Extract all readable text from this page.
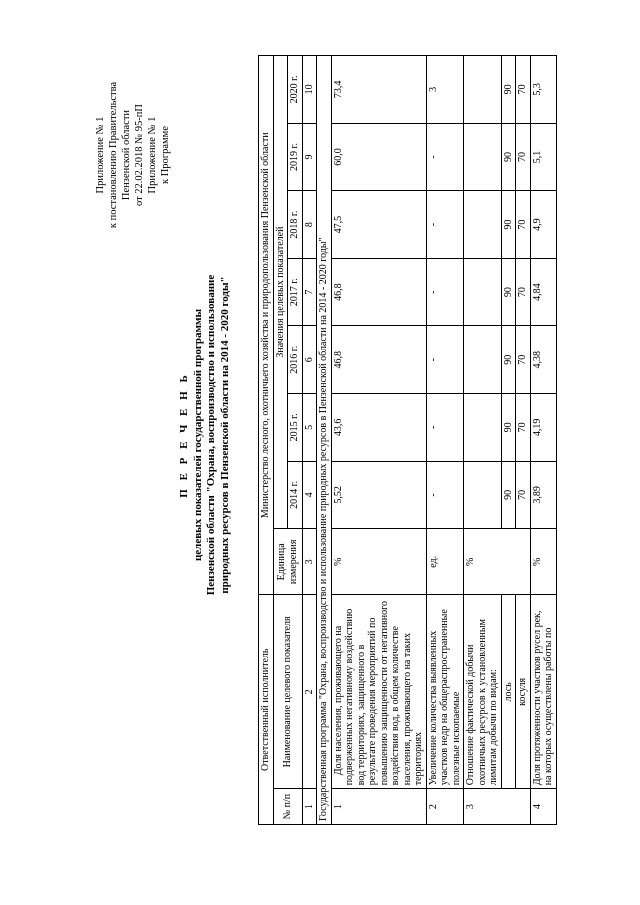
Приложение № 1 к постановлению Правительства Пензенской области от 22.02.2018 № 95-пП Приложение № 1 к Программе
П Е Р Е Ч Е Н Ь целевых показателей государственной программы Пензенской области "Охрана, воспроизводство и использование природных ресурсов в Пензенской области на 2014 - 2020 годы"
Ответственный исполнитель		Министерство лесного, охотничьего хозяйства и природопользования Пензенской области							
№ п/п	Наименование целевого показателя	Единица измерения	Значения целевых показателей						
			2014 г.	2015 г.	2016 г.	2017 г.	2018 г.	2019 г.	2020 г.
1	2	3	4	5	6	7	8	9	10
Государственная программа "Охрана, воспроизводство и использование природных ресурсов в Пензенской области на 2014 - 2020 годы"									
1	Доля населения, проживающего на подверженных негативному воздействию вод территориях, защищенного в результате проведения мероприятий по повышению защищенности от негативного воздействия вод, в общем количестве населения, проживающего на таких территориях	%	5,52	43,6	46,8	46,8	47,5	60,0	73,4
2	Увеличение количества выявленных участков недр на общераспространенные полезные ископаемые	ед.	-	-	-	-	-	-	3
3	Отношение фактической добычи охотничьих ресурсов к установленным лимитам добычи по видам:	%							
	лось		90	90	90	90	90	90	90
	косуля		70	70	70	70	70	70	70
4	Доля протяженности участков русел рек, на которых осуществлены работы по	%	3,89	4,19	4,38	4,84	4,9	5,1	5,3
